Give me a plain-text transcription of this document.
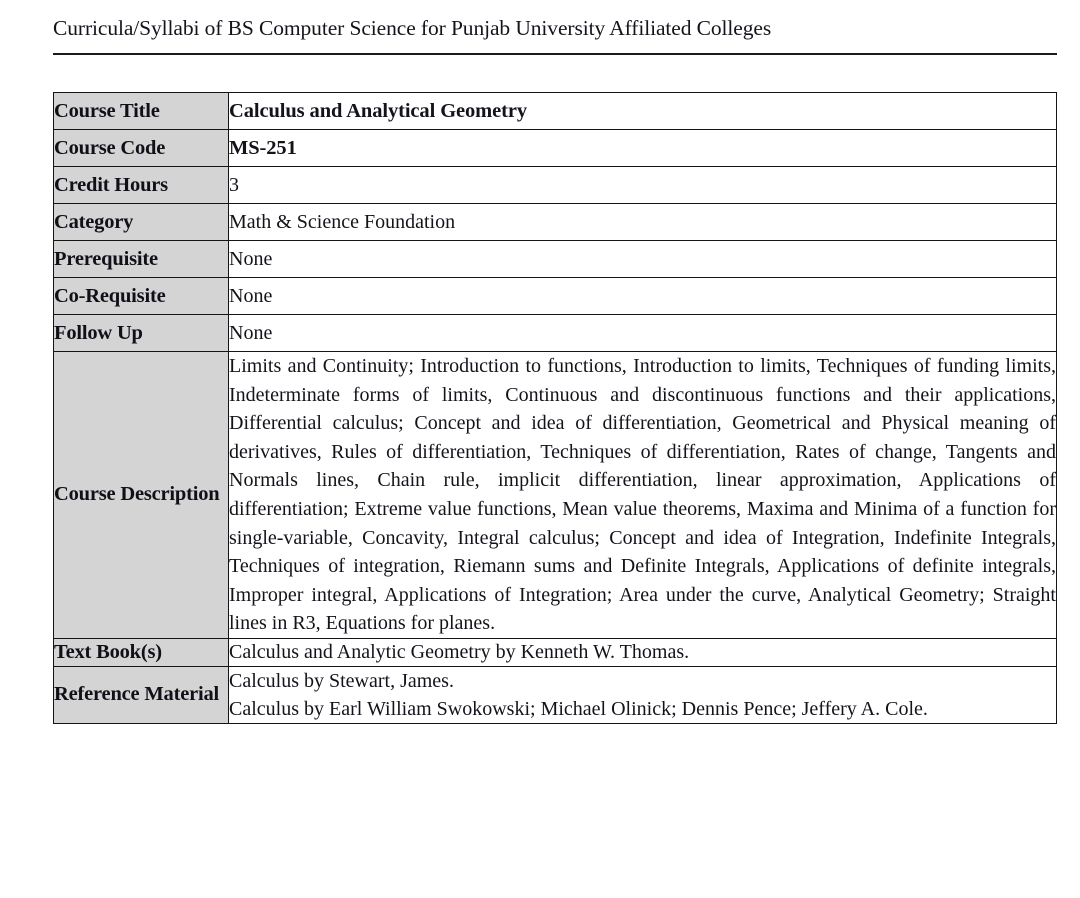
Curricula/Syllabi of BS Computer Science for Punjab University Affiliated Colleges
Course Title	Calculus and Analytical Geometry
Course Code	MS-251
Credit Hours	3
Category	Math & Science Foundation
Prerequisite	None
Co-Requisite	None
Follow Up	None
Course Description	Limits and Continuity; Introduction to functions, Introduction to limits, Techniques of funding limits, Indeterminate forms of limits, Continuous and discontinuous functions and their applications, Differential calculus; Concept and idea of differentiation, Geometrical and Physical meaning of derivatives, Rules of differentiation, Techniques of differentiation, Rates of change, Tangents and Normals lines, Chain rule, implicit differentiation, linear approximation, Applications of differentiation; Extreme value functions, Mean value theorems, Maxima and Minima of a function for single-variable, Concavity, Integral calculus; Concept and idea of Integration, Indefinite Integrals, Techniques of integration, Riemann sums and Definite Integrals, Applications of definite integrals, Improper integral, Applications of Integration; Area under the curve, Analytical Geometry; Straight lines in R3, Equations for planes.
Text Book(s)	Calculus and Analytic Geometry by Kenneth W. Thomas.
Reference Material	Calculus by Stewart, James.
Calculus by Earl William Swokowski; Michael Olinick; Dennis Pence; Jeffery A. Cole.
